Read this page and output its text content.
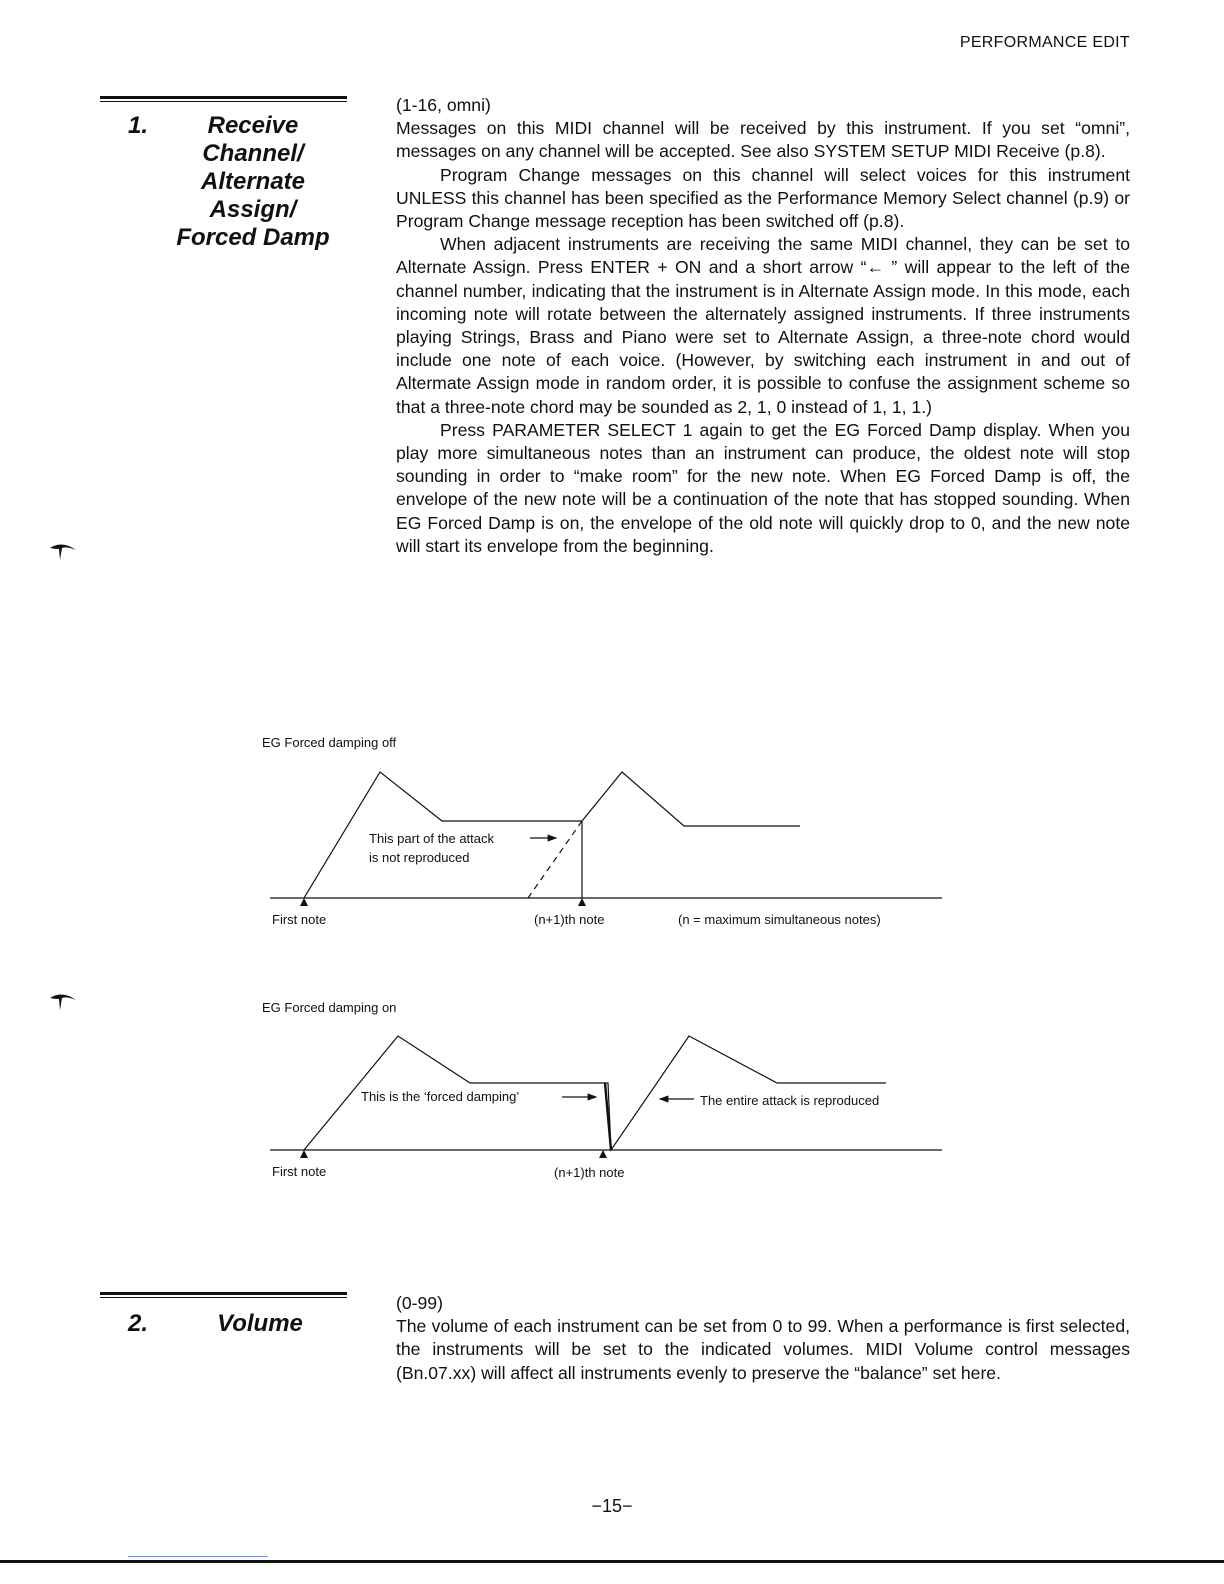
PERFORMANCE EDIT
1.	Receive
Channel/
Alternate
Assign/
Forced Damp

(1-16, omni)

Messages on this MIDI channel will be received by this instrument. If you set “omni”, messages on any channel will be accepted. See also SYSTEM SETUP MIDI Receive (p.8).

Program Change messages on this channel will select voices for this instrument UNLESS this channel has been specified as the Performance Memory Select channel (p.9) or Program Change message reception has been switched off (p.8).

When adjacent instruments are receiving the same MIDI channel, they can be set to Alternate Assign. Press ENTER + ON and a short arrow “← ” will appear to the left of the channel number, indicating that the instrument is in Alternate Assign mode. In this mode, each incoming note will rotate between the alternately assigned instruments. If three instruments playing Strings, Brass and Piano were set to Alternate Assign, a three-note chord would include one note of each voice. (However, by switching each instrument in and out of Altermate Assign mode in random order, it is possible to confuse the assignment scheme so that a three-note chord may be sounded as 2, 1, 0 instead of 1, 1, 1.)

Press PARAMETER SELECT 1 again to get the EG Forced Damp display. When you play more simultaneous notes than an instrument can produce, the oldest note will stop sounding in order to “make room” for the new note. When EG Forced Damp is off, the envelope of the new note will be a continuation of the note that has stopped sounding. When EG Forced Damp is on, the envelope of the old note will quickly drop to 0, and the new note will start its envelope from the beginning.

EG Forced damping off
This part of the attack
is not reproduced
First note	(n+1)th note	(n = maximum simultaneous notes)
EG Forced damping on
This is the ‘forced damping’	The entire attack is reproduced
First note	(n+1)th note
2.	Volume

(0-99)

The volume of each instrument can be set from 0 to 99. When a performance is first selected, the instruments will be set to the indicated volumes. MIDI Volume control messages (Bn.07.xx) will affect all instruments evenly to preserve the “balance” set here.

−15−
